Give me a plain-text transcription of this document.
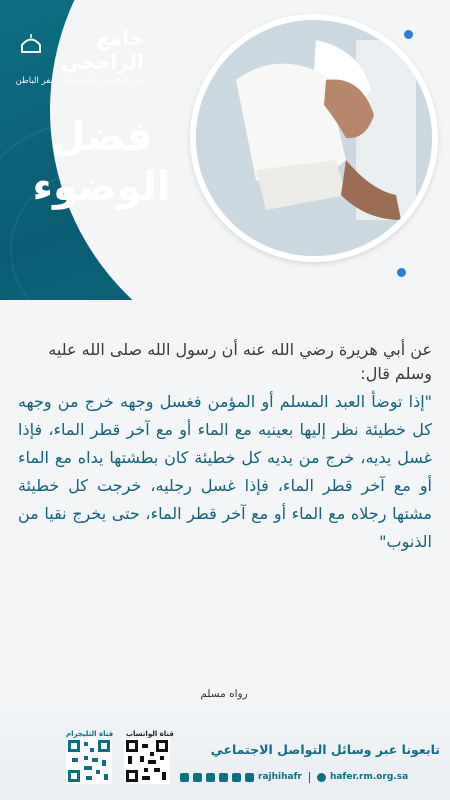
جامع الراجحي
شركة المنارة المتقدمة - حفر الباطن
فضل
الوضوء

عن أبي هريرة رضي الله عنه أن رسول الله صلى الله عليه وسلم قال:

"إذا توضأ العبد المسلم أو المؤمن فغسل وجهه خرج من وجهه كل خطيئة نظر إليها بعينيه مع الماء أو مع آخر قطر الماء، فإذا غسل يديه، خرج من يديه كل خطيئة كان بطشتها يداه مع الماء أو مع آخر قطر الماء، فإذا غسل رجليه، خرجت كل خطيئة مشتها رجلاه مع الماء أو مع آخر قطر الماء، حتى يخرج نقيا من الذنوب"

رواه مسلم
قناة التليجرام قناة الواتساب
تابعونا عبر وسائل التواصل الاجتماعي
rajhihafr	hafer.rm.org.sa
